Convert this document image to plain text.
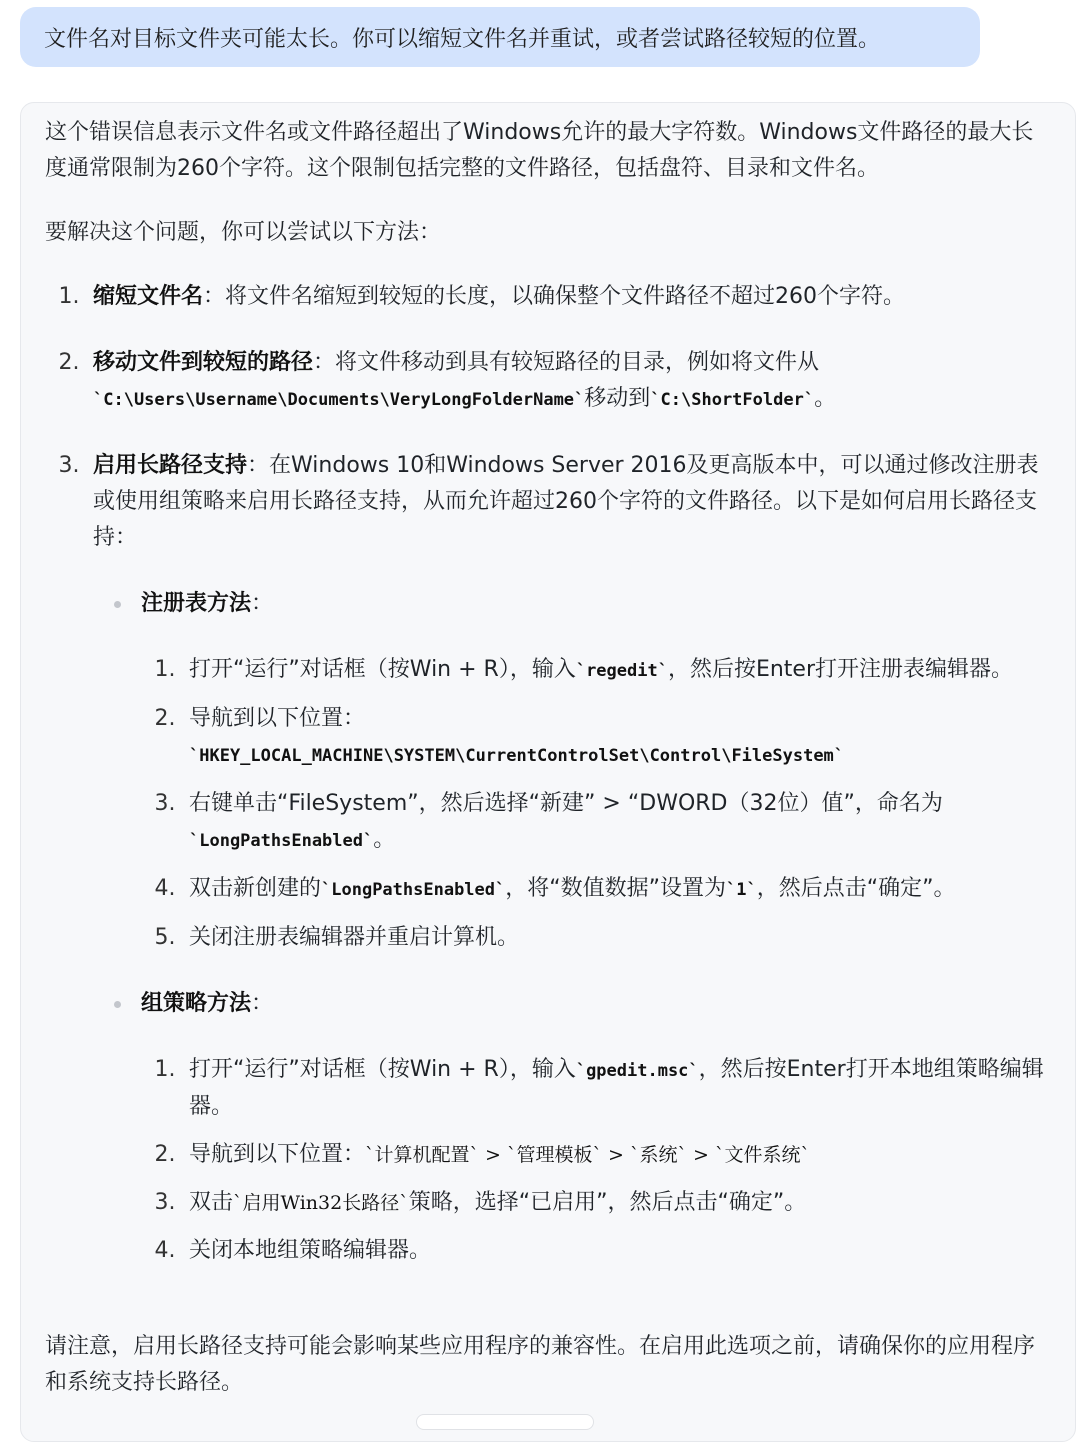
文件名对目标文件夹可能太长。你可以缩短文件名并重试，或者尝试路径较短的位置。

这个错误信息表示文件名或文件路径超出了Windows允许的最大字符数。Windows文件路径的最大长度通常限制为260个字符。这个限制包括完整的文件路径，包括盘符、目录和文件名。

要解决这个问题，你可以尝试以下方法：

1. 缩短文件名：将文件名缩短到较短的长度，以确保整个文件路径不超过260个字符。
2. 移动文件到较短的路径：将文件移动到具有较短路径的目录，例如将文件从
`C:\Users\Username\Documents\VeryLongFolderName`移动到`C:\ShortFolder`。
3. 启用长路径支持：在Windows 10和Windows Server 2016及更高版本中，可以通过修改注册表或使用组策略来启用长路径支持，从而允许超过260个字符的文件路径。以下是如何启用长路径支持：
注册表方法 ：
1. 打开“运行”对话框（按Win + R），输入`regedit`，然后按Enter打开注册表编辑器。
2. 导航到以下位置：
`HKEY_LOCAL_MACHINE\SYSTEM\CurrentControlSet\Control\FileSystem`
3. 右键单击“FileSystem”，然后选择“新建” > “DWORD（32位）值”，命名为
`LongPathsEnabled`。
4. 双击新创建的`LongPathsEnabled`，将“数值数据”设置为`1`，然后点击“确定”。
5. 关闭注册表编辑器并重启计算机。
组策略方法 ：
1. 打开“运行”对话框（按Win + R），输入`gpedit.msc`，然后按Enter打开本地组策略编辑器。
2. 导航到以下位置：`计算机配置` > `管理模板` > `系统` > `文件系统`
3. 双击`启用Win32长路径`策略，选择“已启用”，然后点击“确定”。
4. 关闭本地组策略编辑器。

请注意，启用长路径支持可能会影响某些应用程序的兼容性。在启用此选项之前，请确保你的应用程序和系统支持长路径。
